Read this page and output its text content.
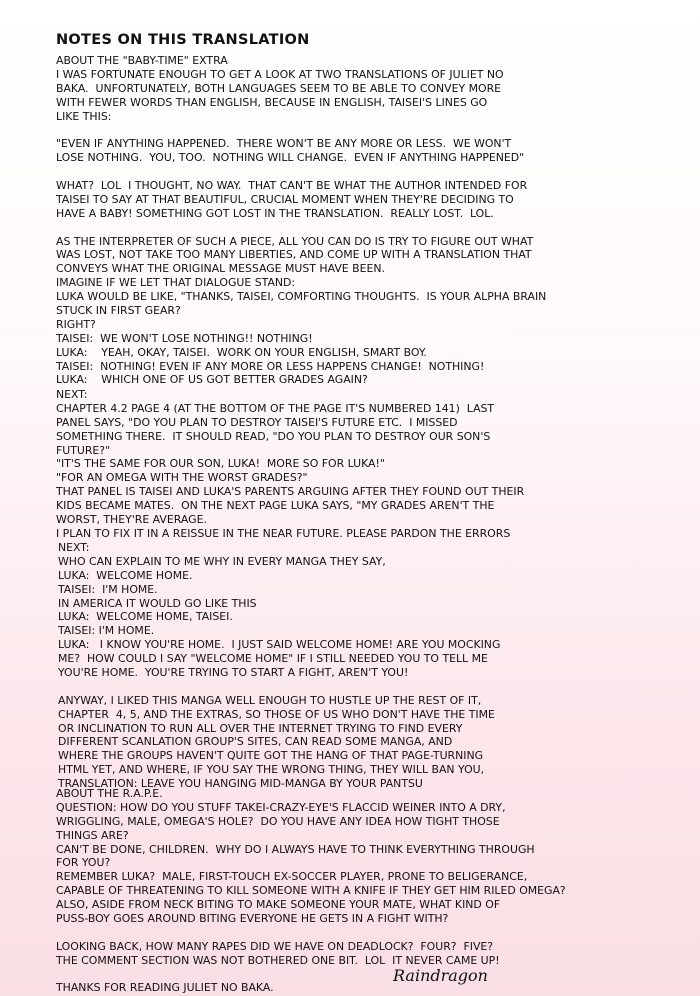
NOTES ON THIS TRANSLATION
ABOUT THE "BABY-TIME" EXTRA
I WAS FORTUNATE ENOUGH TO GET A LOOK AT TWO TRANSLATIONS OF JULIET NO
BAKA.  UNFORTUNATELY, BOTH LANGUAGES SEEM TO BE ABLE TO CONVEY MORE
WITH FEWER WORDS THAN ENGLISH, BECAUSE IN ENGLISH, TAISEI'S LINES GO
LIKE THIS:
"EVEN IF ANYTHING HAPPENED.  THERE WON'T BE ANY MORE OR LESS.  WE WON'T
LOSE NOTHING.  YOU, TOO.  NOTHING WILL CHANGE.  EVEN IF ANYTHING HAPPENED"
WHAT?  LOL  I THOUGHT, NO WAY.  THAT CAN'T BE WHAT THE AUTHOR INTENDED FOR
TAISEI TO SAY AT THAT BEAUTIFUL, CRUCIAL MOMENT WHEN THEY'RE DECIDING TO
HAVE A BABY! SOMETHING GOT LOST IN THE TRANSLATION.  REALLY LOST.  LOL.
AS THE INTERPRETER OF SUCH A PIECE, ALL YOU CAN DO IS TRY TO FIGURE OUT WHAT
WAS LOST, NOT TAKE TOO MANY LIBERTIES, AND COME UP WITH A TRANSLATION THAT
CONVEYS WHAT THE ORIGINAL MESSAGE MUST HAVE BEEN.
IMAGINE IF WE LET THAT DIALOGUE STAND:
LUKA WOULD BE LIKE, "THANKS, TAISEI, COMFORTING THOUGHTS.  IS YOUR ALPHA BRAIN
STUCK IN FIRST GEAR?
RIGHT?
TAISEI:  WE WON'T LOSE NOTHING!! NOTHING!
LUKA:    YEAH, OKAY, TAISEI.  WORK ON YOUR ENGLISH, SMART BOY.
TAISEI:  NOTHING! EVEN IF ANY MORE OR LESS HAPPENS CHANGE!  NOTHING!
LUKA:    WHICH ONE OF US GOT BETTER GRADES AGAIN?
NEXT:
CHAPTER 4.2 PAGE 4 (AT THE BOTTOM OF THE PAGE IT'S NUMBERED 141)  LAST
PANEL SAYS, "DO YOU PLAN TO DESTROY TAISEI'S FUTURE ETC.  I MISSED
SOMETHING THERE.  IT SHOULD READ, "DO YOU PLAN TO DESTROY OUR SON'S
FUTURE?"
"IT'S THE SAME FOR OUR SON, LUKA!  MORE SO FOR LUKA!"
"FOR AN OMEGA WITH THE WORST GRADES?"
THAT PANEL IS TAISEI AND LUKA'S PARENTS ARGUING AFTER THEY FOUND OUT THEIR
KIDS BECAME MATES.  ON THE NEXT PAGE LUKA SAYS, "MY GRADES AREN'T THE
WORST, THEY'RE AVERAGE.
I PLAN TO FIX IT IN A REISSUE IN THE NEAR FUTURE. PLEASE PARDON THE ERRORS
NEXT:
WHO CAN EXPLAIN TO ME WHY IN EVERY MANGA THEY SAY,
LUKA:  WELCOME HOME.
TAISEI:  I'M HOME.
IN AMERICA IT WOULD GO LIKE THIS
LUKA:  WELCOME HOME, TAISEI.
TAISEI: I'M HOME.
LUKA:   I KNOW YOU'RE HOME.  I JUST SAID WELCOME HOME! ARE YOU MOCKING
ME?  HOW COULD I SAY "WELCOME HOME" IF I STILL NEEDED YOU TO TELL ME
YOU'RE HOME.  YOU'RE TRYING TO START A FIGHT, AREN'T YOU!
ANYWAY, I LIKED THIS MANGA WELL ENOUGH TO HUSTLE UP THE REST OF IT,
CHAPTER  4, 5, AND THE EXTRAS, SO THOSE OF US WHO DON'T HAVE THE TIME
OR INCLINATION TO RUN ALL OVER THE INTERNET TRYING TO FIND EVERY
DIFFERENT SCANLATION GROUP'S SITES, CAN READ SOME MANGA, AND
WHERE THE GROUPS HAVEN'T QUITE GOT THE HANG OF THAT PAGE-TURNING
HTML YET, AND WHERE, IF YOU SAY THE WRONG THING, THEY WILL BAN YOU,
TRANSLATION: LEAVE YOU HANGING MID-MANGA BY YOUR PANTSU
ABOUT THE R.A.P.E.
QUESTION: HOW DO YOU STUFF TAKEI-CRAZY-EYE'S FLACCID WEINER INTO A DRY,
WRIGGLING, MALE, OMEGA'S HOLE?  DO YOU HAVE ANY IDEA HOW TIGHT THOSE
THINGS ARE?
CAN'T BE DONE, CHILDREN.  WHY DO I ALWAYS HAVE TO THINK EVERYTHING THROUGH
FOR YOU?
REMEMBER LUKA?  MALE, FIRST-TOUCH EX-SOCCER PLAYER, PRONE TO BELIGERANCE,
CAPABLE OF THREATENING TO KILL SOMEONE WITH A KNIFE IF THEY GET HIM RILED OMEGA?
ALSO, ASIDE FROM NECK BITING TO MAKE SOMEONE YOUR MATE, WHAT KIND OF
PUSS-BOY GOES AROUND BITING EVERYONE HE GETS IN A FIGHT WITH?
LOOKING BACK, HOW MANY RAPES DID WE HAVE ON DEADLOCK?  FOUR?  FIVE?
THE COMMENT SECTION WAS NOT BOTHERED ONE BIT.  LOL  IT NEVER CAME UP!
THANKS FOR READING JULIET NO BAKA.
Raindragon
